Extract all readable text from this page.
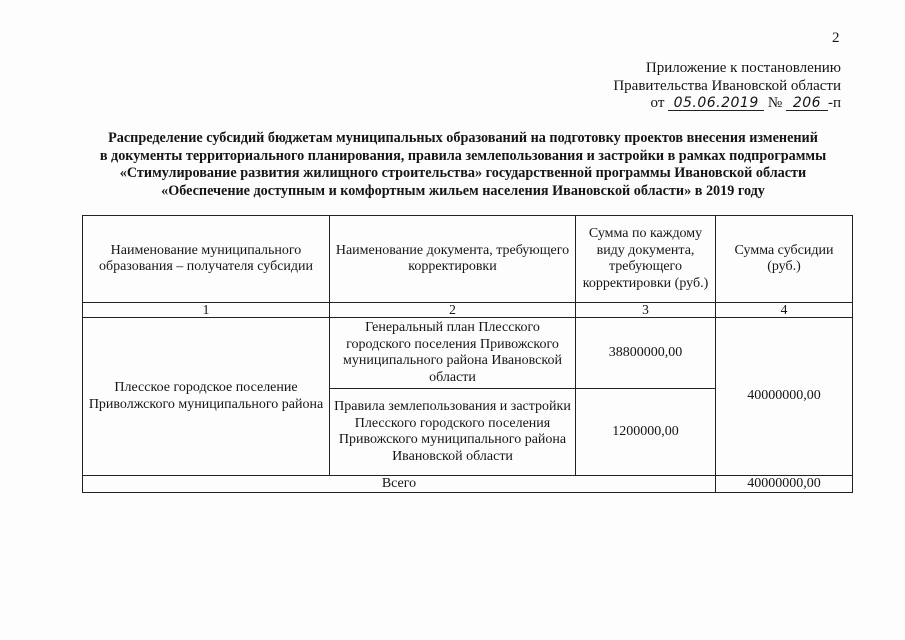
2
Приложение к постановлению
Правительства Ивановской области
от 05.06.2019 № 206 -п
Распределение субсидий бюджетам муниципальных образований на подготовку проектов внесения изменений
в документы территориального планирования, правила землепользования и застройки в рамках подпрограммы
«Стимулирование развития жилищного строительства» государственной программы Ивановской области
«Обеспечение доступным и комфортным жильем населения Ивановской области» в 2019 году
Наименование муниципального образования – получателя субсидии	Наименование документа, требующего корректировки	Сумма по каждому виду документа, требующего корректировки (руб.)	Сумма субсидии (руб.)
1	2	3	4
Плесское городское поселение Приволжского муниципального района	Генеральный план Плесского городского поселения Привожского муниципального района Ивановской области	38800000,00	40000000,00
	Правила землепользования и застройки Плесского городского поселения Привожского муниципального района Ивановской области	1200000,00	
Всего			40000000,00
